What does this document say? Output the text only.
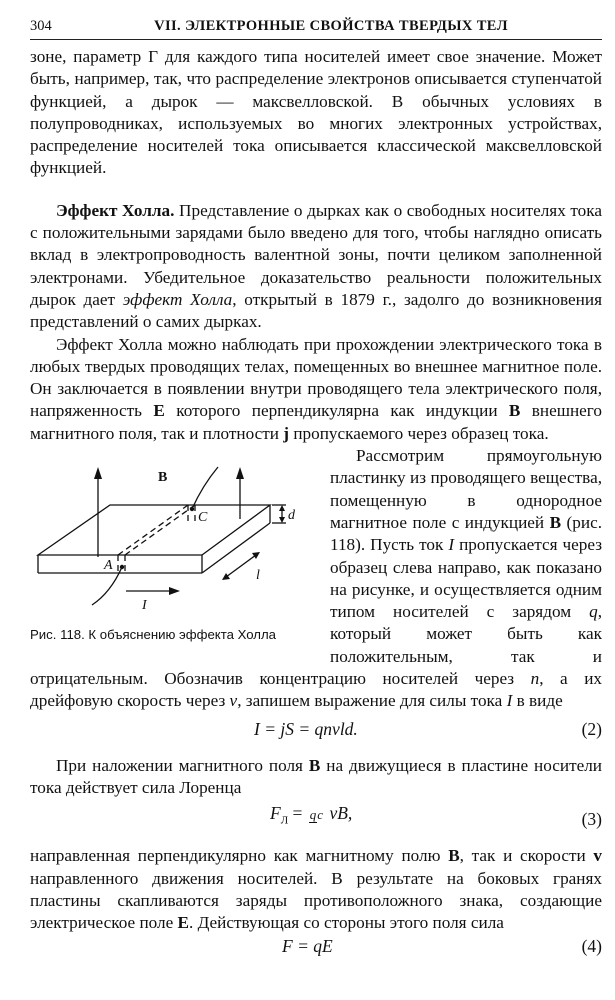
304	VII. ЭЛЕКТРОННЫЕ СВОЙСТВА ТВЕРДЫХ ТЕЛ

зоне, параметр Γ для каждого типа носителей имеет свое значение. Может быть, например, так, что распределение электронов описывается ступенчатой функцией, а дырок — максвелловской. В обычных условиях в полупроводниках, используемых во многих электронных устройствах, распределение носителей тока описывается классической максвелловской функцией.

Эффект Холла. Представление о дырках как о свободных носителях тока с положительными зарядами было введено для того, чтобы наглядно описать вклад в электропроводность валентной зоны, почти целиком заполненной электронами. Убедительное доказательство реальности положительных дырок дает эффект Холла, открытый в 1879 г., задолго до возникновения представлений о самих дырках.

Эффект Холла можно наблюдать при прохождении электрического тока в любых твердых проводящих телах, помещенных во внешнее магнитное поле. Он заключается в появлении внутри проводящего тела электрического поля, напряженность E которого перпендикулярна как индукции B внешнего магнитного поля, так и плотности j пропускаемого через образец тока.

B
C	d
A
l
I
Рис. 118. К объяснению эффекта Холла

Рассмотрим прямоугольную пластинку из проводящего вещества, помещенную в однородное магнитное поле с индукцией B (рис. 118). Пусть ток I пропускается через образец слева направо, как показано на рисунке, и осуществляется одним типом носителей с зарядом q, который может быть как положительным, так и отрицательным. Обозначив концентрацию носителей через n, а их дрейфовую скорость через v, запишем выражение для силы тока I в виде

I = jS = qnvld.	(2)

При наложении магнитного поля B на движущиеся в пластине носители тока действует сила Лоренца

$F_Л$ = qc vB,	(3)

направленная перпендикулярно как магнитному полю B, так и скорости v направленного движения носителей. В результате на боковых гранях пластины скапливаются заряды противоположного знака, создающие электрическое поле E. Действующая со стороны этого поля сила

F = qE	(4)
